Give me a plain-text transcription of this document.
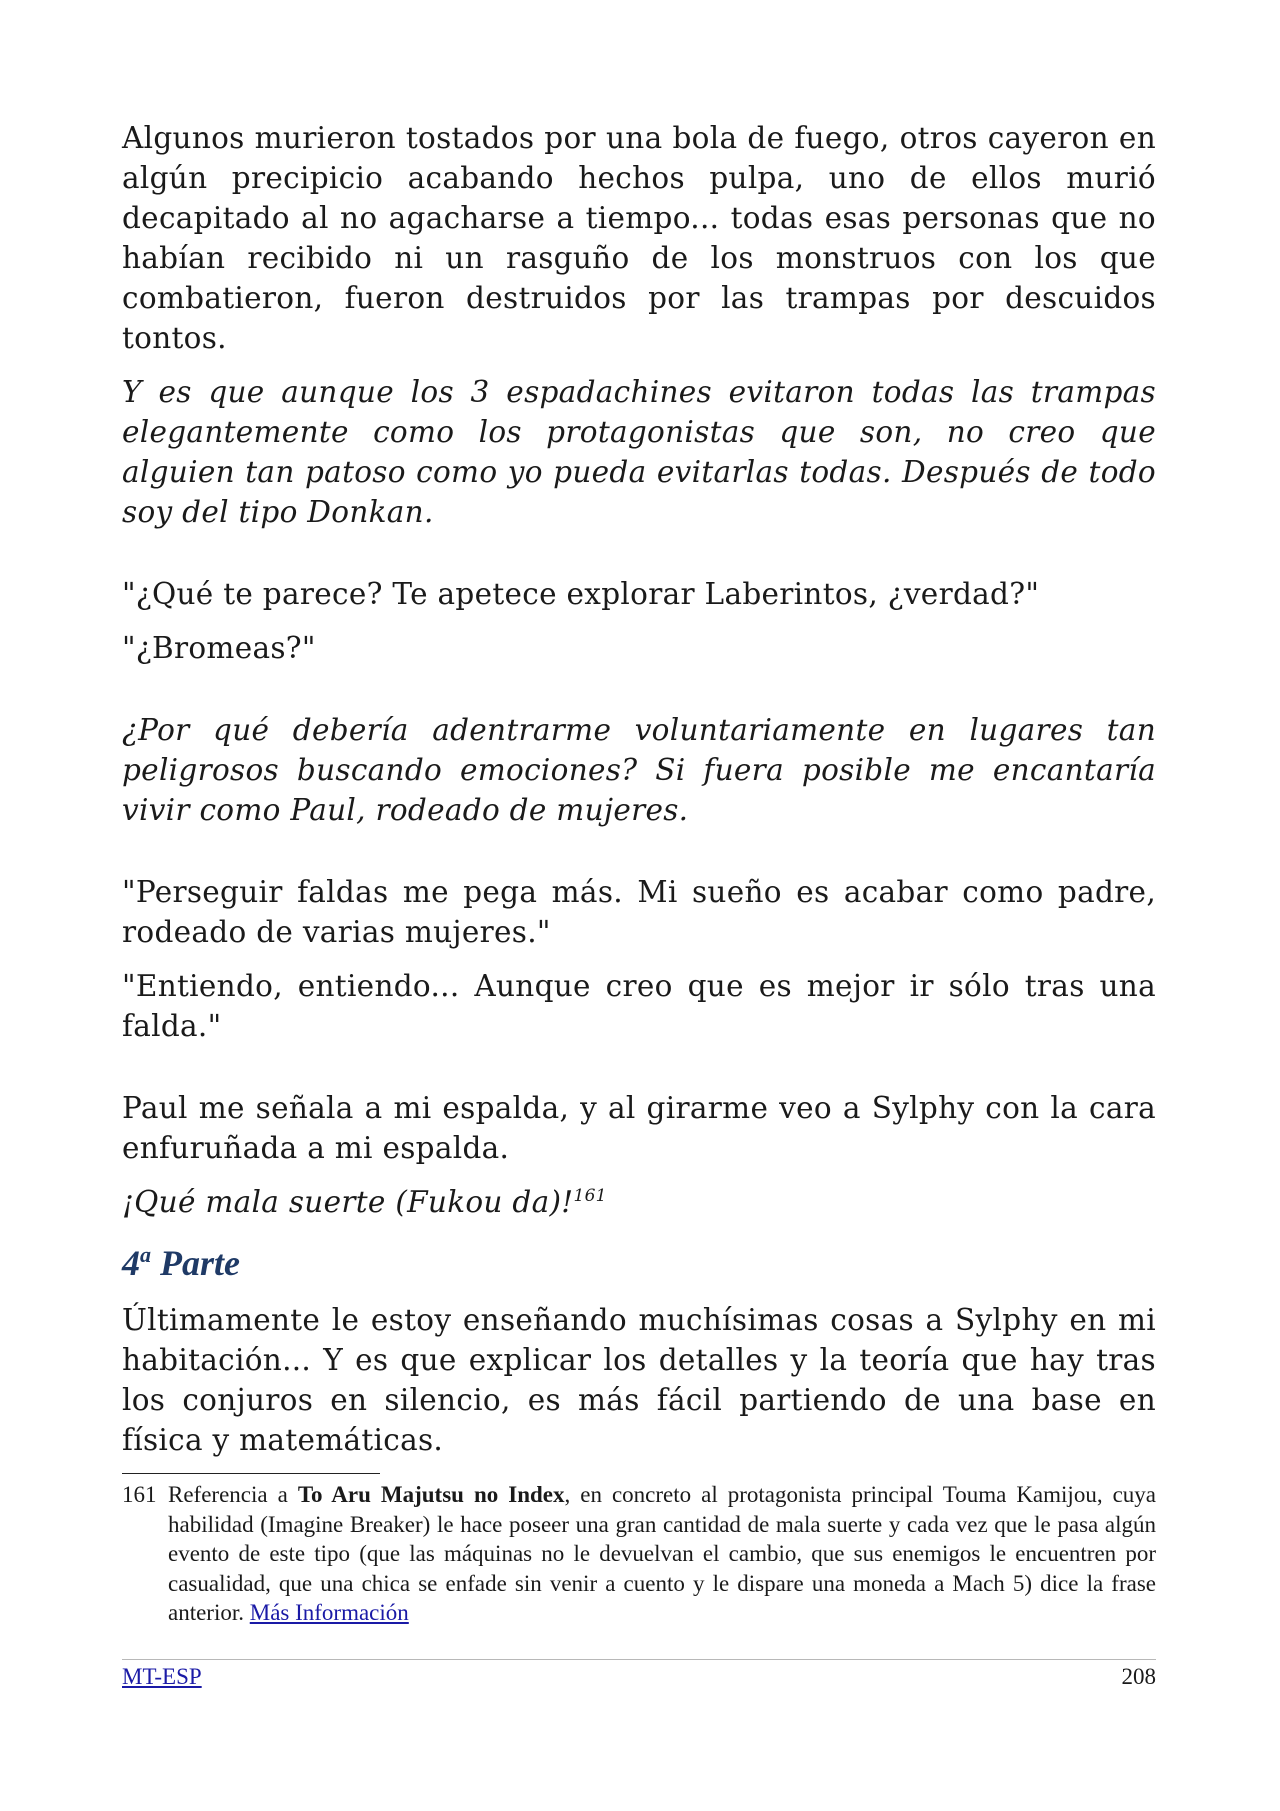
Algunos murieron tostados por una bola de fuego, otros cayeron en algún precipicio acabando hechos pulpa, uno de ellos murió decapitado al no agacharse a tiempo... todas esas personas que no habían recibido ni un rasguño de los monstruos con los que combatieron, fueron destruidos por las trampas por descuidos tontos.

Y es que aunque los 3 espadachines evitaron todas las trampas elegantemente como los protagonistas que son, no creo que alguien tan patoso como yo pueda evitarlas todas. Después de todo soy del tipo Donkan.

"¿Qué te parece? Te apetece explorar Laberintos, ¿verdad?"

"¿Bromeas?"

¿Por qué debería adentrarme voluntariamente en lugares tan peligrosos buscando emociones? Si fuera posible me encantaría vivir como Paul, rodeado de mujeres.

"Perseguir faldas me pega más. Mi sueño es acabar como padre, rodeado de varias mujeres."

"Entiendo, entiendo... Aunque creo que es mejor ir sólo tras una falda."

Paul me señala a mi espalda, y al girarme veo a Sylphy con la cara enfuruñada a mi espalda.

¡Qué mala suerte (Fukou da)!$^{161}$

4$^a$ Parte

Últimamente le estoy enseñando muchísimas cosas a Sylphy en mi habitación... Y es que explicar los detalles y la teoría que hay tras los conjuros en silencio, es más fácil partiendo de una base en física y matemáticas.

161 Referencia a To Aru Majutsu no Index, en concreto al protagonista principal Touma Kamijou, cuya habilidad (Imagine Breaker) le hace poseer una gran cantidad de mala suerte y cada vez que le pasa algún evento de este tipo (que las máquinas no le devuelvan el cambio, que sus enemigos le encuentren por casualidad, que una chica se enfade sin venir a cuento y le dispare una moneda a Mach 5) dice la frase anterior. Más Información
MT-ESP	208
